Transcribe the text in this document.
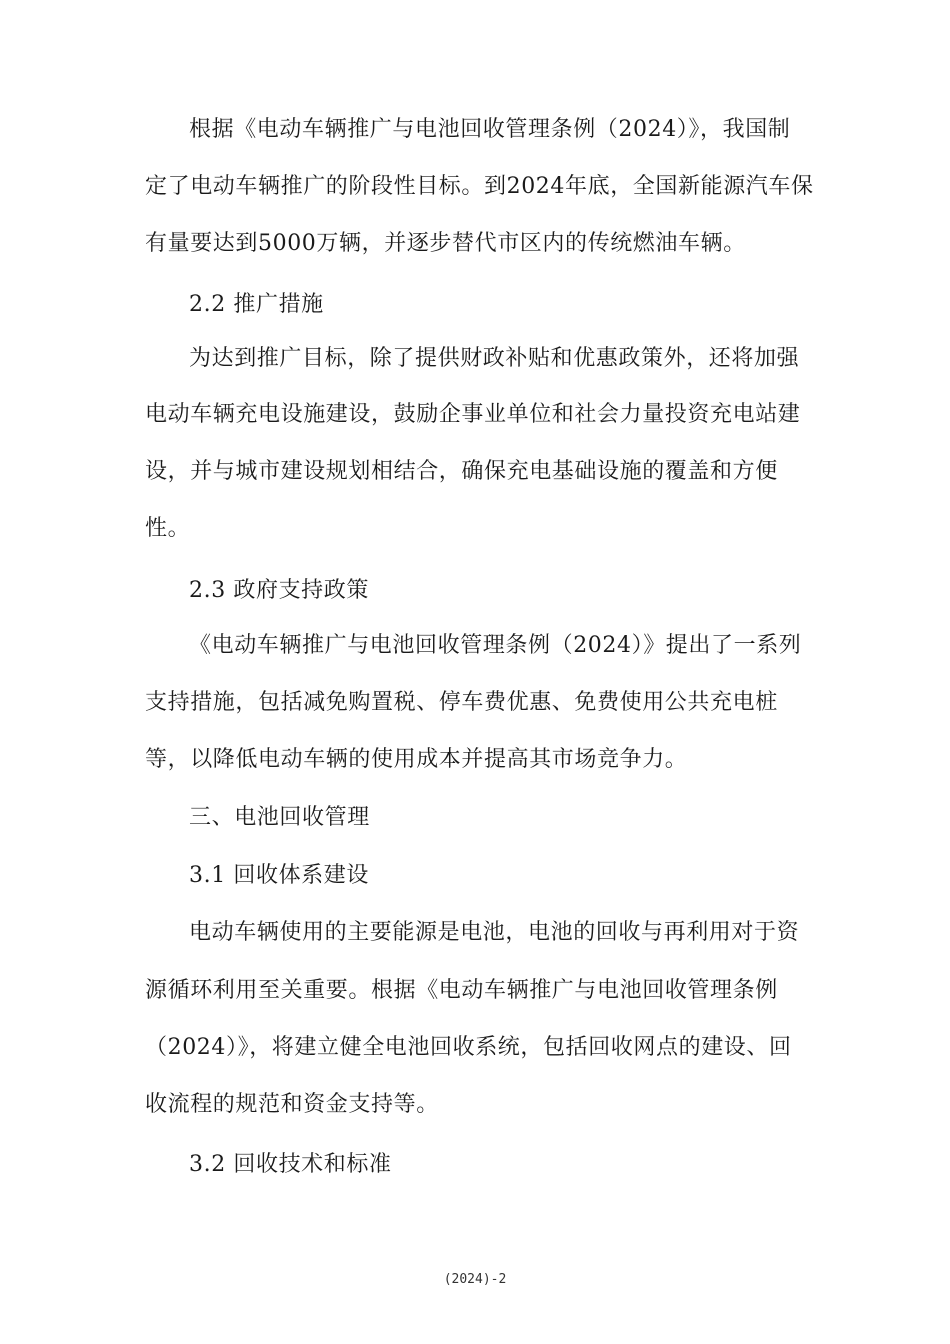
根据《电动车辆推广与电池回收管理条例（2024）》，我国制
定了电动车辆推广的阶段性目标。到2024年底，全国新能源汽车保
有量要达到5000万辆，并逐步替代市区内的传统燃油车辆。
2.2 推广措施
为达到推广目标，除了提供财政补贴和优惠政策外，还将加强
电动车辆充电设施建设，鼓励企事业单位和社会力量投资充电站建
设，并与城市建设规划相结合，确保充电基础设施的覆盖和方便
性。
2.3 政府支持政策
《电动车辆推广与电池回收管理条例（2024）》提出了一系列
支持措施，包括减免购置税、停车费优惠、免费使用公共充电桩
等，以降低电动车辆的使用成本并提高其市场竞争力。
三、电池回收管理
3.1 回收体系建设
电动车辆使用的主要能源是电池，电池的回收与再利用对于资
源循环利用至关重要。根据《电动车辆推广与电池回收管理条例
（2024）》，将建立健全电池回收系统，包括回收网点的建设、回
收流程的规范和资金支持等。
3.2 回收技术和标准
(2024)-2
